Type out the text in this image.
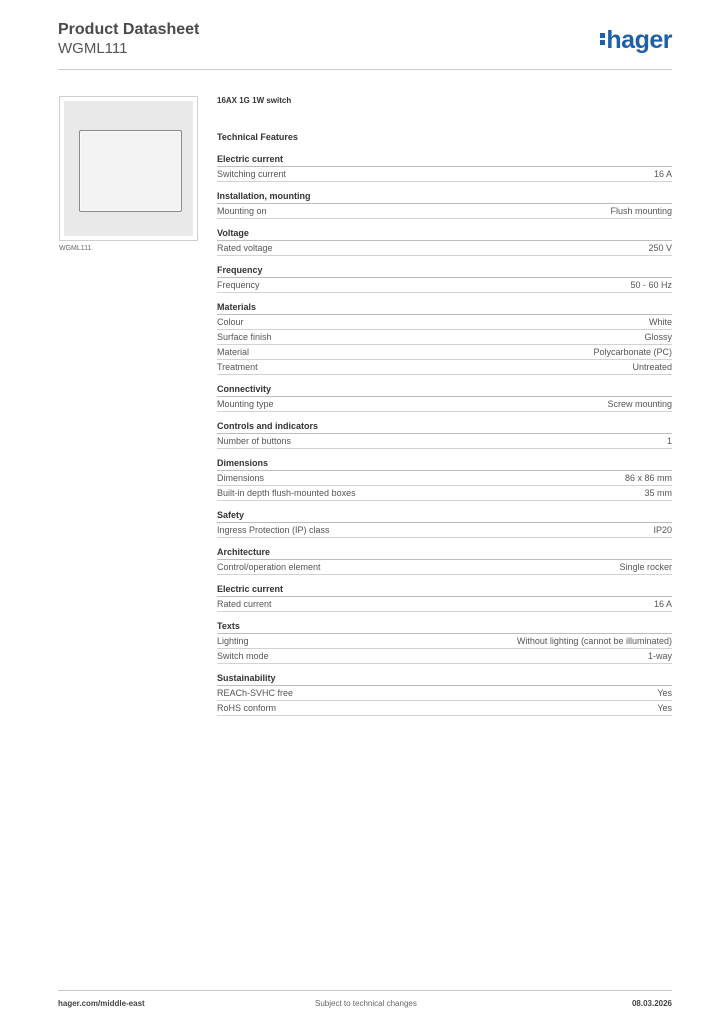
Product Datasheet
WGML111	hager
WGML111
16AX 1G 1W switch
Technical Features
Electric current
Switching current	16 A
Installation, mounting
Mounting on	Flush mounting
Voltage
Rated voltage	250 V
Frequency
Frequency	50 - 60 Hz
Materials
Colour	White
Surface finish	Glossy
Material	Polycarbonate (PC)
Treatment	Untreated
Connectivity
Mounting type	Screw mounting
Controls and indicators
Number of buttons	1
Dimensions
Dimensions	86 x 86 mm
Built-in depth flush-mounted boxes	35 mm
Safety
Ingress Protection (IP) class	IP20
Architecture
Control/operation element	Single rocker
Electric current
Rated current	16 A
Texts
Lighting	Without lighting (cannot be illuminated)
Switch mode	1-way
Sustainability
REACh-SVHC free	Yes
RoHS conform	Yes
hager.com/middle-east	Subject to technical changes	08.03.2026
